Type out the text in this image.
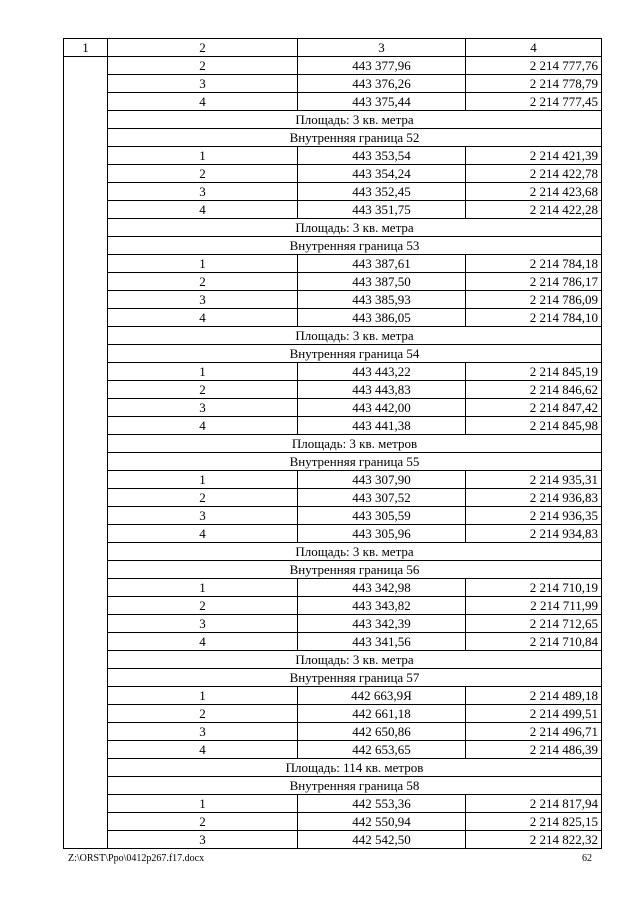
1	2	3	4
	2	443 377,96	2 214 777,76
	3	443 376,26	2 214 778,79
	4	443 375,44	2 214 777,45
	Площадь: 3 кв. метра		
	Внутренняя граница 52		
	1	443 353,54	2 214 421,39
	2	443 354,24	2 214 422,78
	3	443 352,45	2 214 423,68
	4	443 351,75	2 214 422,28
	Площадь: 3 кв. метра		
	Внутренняя граница 53		
	1	443 387,61	2 214 784,18
	2	443 387,50	2 214 786,17
	3	443 385,93	2 214 786,09
	4	443 386,05	2 214 784,10
	Площадь: 3 кв. метра		
	Внутренняя граница 54		
	1	443 443,22	2 214 845,19
	2	443 443,83	2 214 846,62
	3	443 442,00	2 214 847,42
	4	443 441,38	2 214 845,98
	Площадь: 3 кв. метров		
	Внутренняя граница 55		
	1	443 307,90	2 214 935,31
	2	443 307,52	2 214 936,83
	3	443 305,59	2 214 936,35
	4	443 305,96	2 214 934,83
	Площадь: 3 кв. метра		
	Внутренняя граница 56		
	1	443 342,98	2 214 710,19
	2	443 343,82	2 214 711,99
	3	443 342,39	2 214 712,65
	4	443 341,56	2 214 710,84
	Площадь: 3 кв. метра		
	Внутренняя граница 57		
	1	442 663,9Я	2 214 489,18
	2	442 661,18	2 214 499,51
	3	442 650,86	2 214 496,71
	4	442 653,65	2 214 486,39
	Площадь: 114 кв. метров		
	Внутренняя граница 58		
	1	442 553,36	2 214 817,94
	2	442 550,94	2 214 825,15
	3	442 542,50	2 214 822,32
Z:\ORST\Ppo\0412p267.f17.docx	62
